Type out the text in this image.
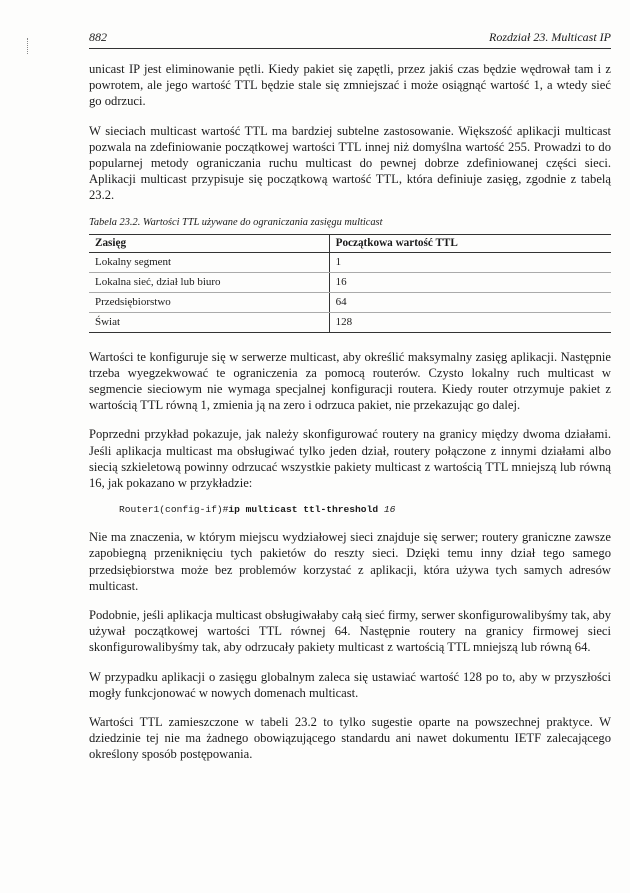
882	Rozdział 23. Multicast IP

unicast IP jest eliminowanie pętli. Kiedy pakiet się zapętli, przez jakiś czas będzie wędrował tam i z powrotem, ale jego wartość TTL będzie stale się zmniejszać i może osiągnąć wartość 1, a wtedy sieć go odrzuci.

W sieciach multicast wartość TTL ma bardziej subtelne zastosowanie. Większość aplikacji multicast pozwala na zdefiniowanie początkowej wartości TTL innej niż domyślna wartość 255. Prowadzi to do popularnej metody ograniczania ruchu multicast do pewnej dobrze zdefiniowanej części sieci. Aplikacji multicast przypisuje się początkową wartość TTL, która definiuje zasięg, zgodnie z tabelą 23.2.

Tabela 23.2. Wartości TTL używane do ograniczania zasięgu multicast

Zasięg	Początkowa wartość TTL
Lokalny segment	1
Lokalna sieć, dział lub biuro	16
Przedsiębiorstwo	64
Świat	128

Wartości te konfiguruje się w serwerze multicast, aby określić maksymalny zasięg aplikacji. Następnie trzeba wyegzekwować te ograniczenia za pomocą routerów. Czysto lokalny ruch multicast w segmencie sieciowym nie wymaga specjalnej konfiguracji routera. Kiedy router otrzymuje pakiet z wartością TTL równą 1, zmienia ją na zero i odrzuca pakiet, nie przekazując go dalej.

Poprzedni przykład pokazuje, jak należy skonfigurować routery na granicy między dwoma działami. Jeśli aplikacja multicast ma obsługiwać tylko jeden dział, routery połączone z innymi działami albo siecią szkieletową powinny odrzucać wszystkie pakiety multicast z wartością TTL mniejszą lub równą 16, jak pokazano w przykładzie:

Router1(config-if)#ip multicast ttl-threshold 16

Nie ma znaczenia, w którym miejscu wydziałowej sieci znajduje się serwer; routery graniczne zawsze zapobiegną przeniknięciu tych pakietów do reszty sieci. Dzięki temu inny dział tego samego przedsiębiorstwa może bez problemów korzystać z aplikacji, która używa tych samych adresów multicast.

Podobnie, jeśli aplikacja multicast obsługiwałaby całą sieć firmy, serwer skonfigurowalibyśmy tak, aby używał początkowej wartości TTL równej 64. Następnie routery na granicy firmowej sieci skonfigurowalibyśmy tak, aby odrzucały pakiety multicast z wartością TTL mniejszą lub równą 64.

W przypadku aplikacji o zasięgu globalnym zaleca się ustawiać wartość 128 po to, aby w przyszłości mogły funkcjonować w nowych domenach multicast.

Wartości TTL zamieszczone w tabeli 23.2 to tylko sugestie oparte na powszechnej praktyce. W dziedzinie tej nie ma żadnego obowiązującego standardu ani nawet dokumentu IETF zalecającego określony sposób postępowania.
